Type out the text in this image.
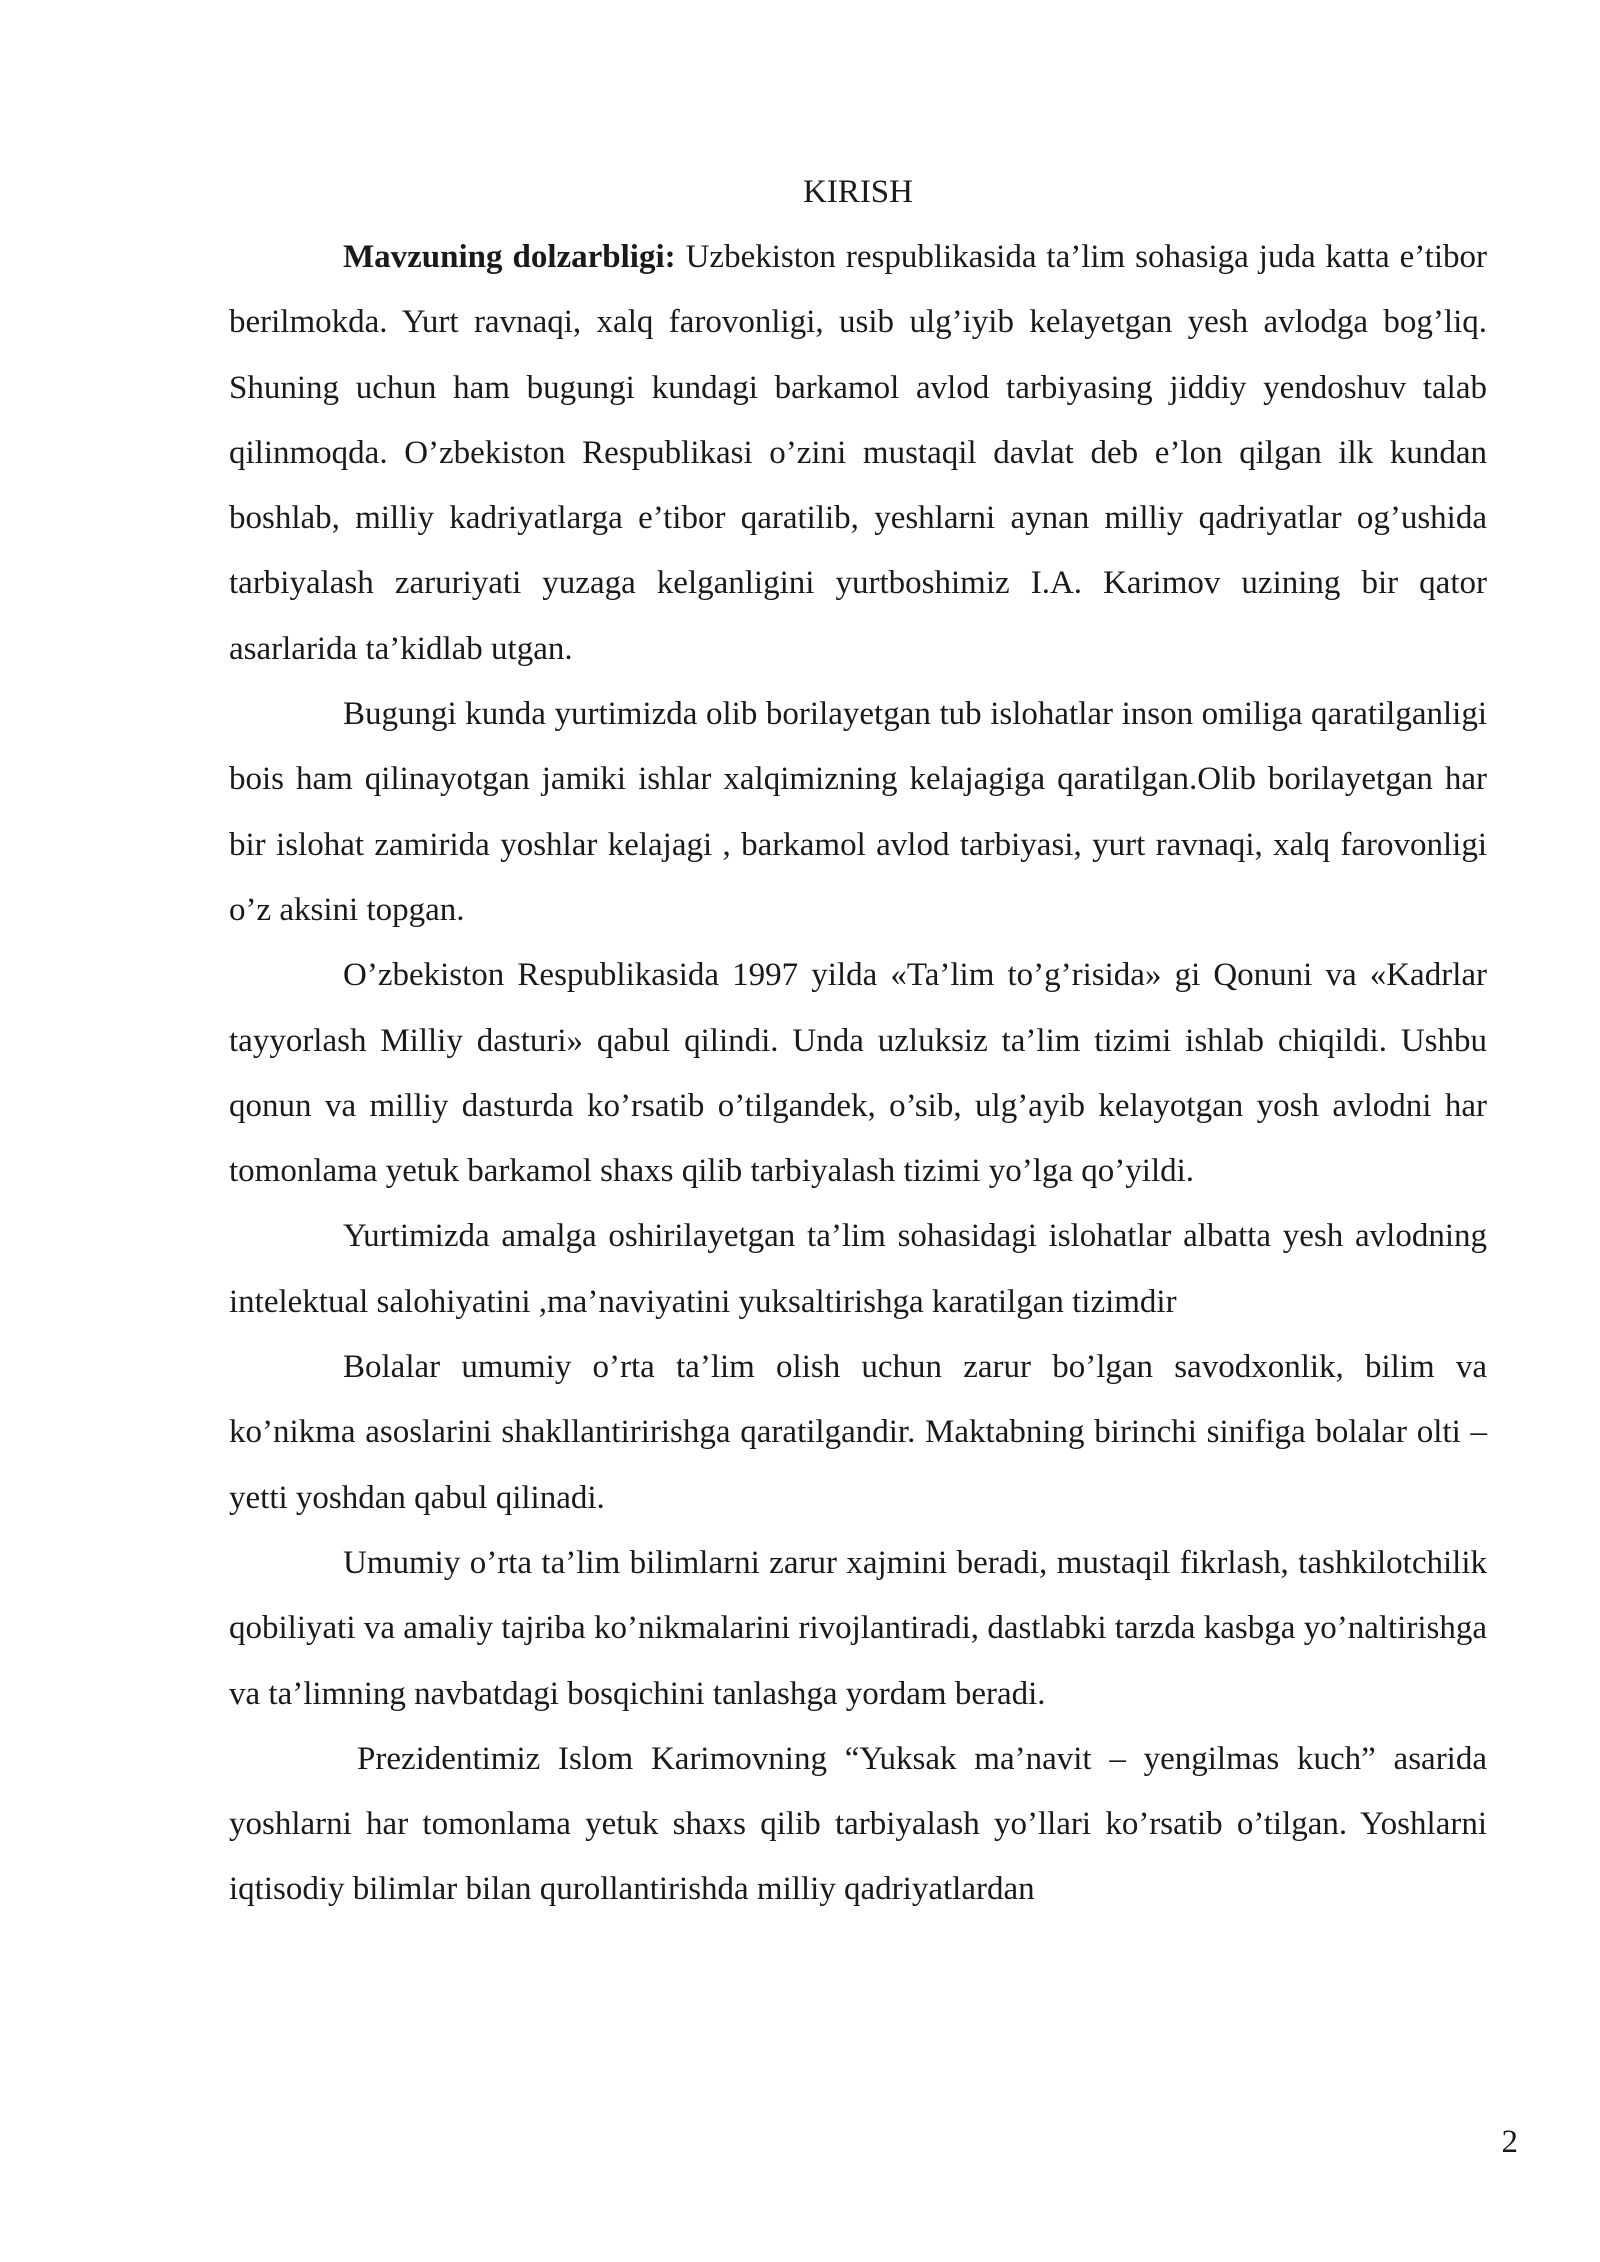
KIRISH

Mavzuning dolzarbligi: Uzbekiston respublikasida ta’lim sohasiga juda katta e’tibor berilmokda. Yurt ravnaqi, xalq farovonligi, usib ulg’iyib kelayetgan yesh avlodga bog’liq. Shuning uchun ham bugungi kundagi barkamol avlod tarbiyasing jiddiy yendoshuv talab qilinmoqda. O’zbekiston Respublikasi o’zini mustaqil davlat deb e’lon qilgan ilk kundan boshlab, milliy kadriyatlarga e’tibor qaratilib, yeshlarni aynan milliy qadriyatlar og’ushida tarbiyalash zaruriyati yuzaga kelganligini yurtboshimiz I.A. Karimov uzining bir qator asarlarida ta’kidlab utgan.

Bugungi kunda yurtimizda olib borilayetgan tub islohatlar inson omiliga qaratilganligi bois ham qilinayotgan jamiki ishlar xalqimizning kelajagiga qaratilgan.Olib borilayetgan har bir islohat zamirida yoshlar kelajagi , barkamol avlod tarbiyasi, yurt ravnaqi, xalq farovonligi o’z aksini topgan.

O’zbekiston Respublikasida 1997 yilda «Ta’lim to’g’risida» gi Qonuni va «Kadrlar tayyorlash Milliy dasturi» qabul qilindi. Unda uzluksiz ta’lim tizimi ishlab chiqildi. Ushbu qonun va milliy dasturda ko’rsatib o’tilgandek, o’sib, ulg’ayib kelayotgan yosh avlodni har tomonlama yetuk barkamol shaxs qilib tarbiyalash tizimi yo’lga qo’yildi.

Yurtimizda amalga oshirilayetgan ta’lim sohasidagi islohatlar albatta yesh avlodning intelektual salohiyatini ,ma’naviyatini yuksaltirishga karatilgan tizimdir

Bolalar umumiy o’rta ta’lim olish uchun zarur bo’lgan savodxonlik, bilim va ko’nikma asoslarini shakllantiririshga qaratilgandir. Maktabning birinchi sinifiga bolalar olti – yetti yoshdan qabul qilinadi.

Umumiy o’rta ta’lim bilimlarni zarur xajmini beradi, mustaqil fikrlash, tashkilotchilik qobiliyati va amaliy tajriba ko’nikmalarini rivojlantiradi, dastlabki tarzda kasbga yo’naltirishga va ta’limning navbatdagi bosqichini tanlashga yordam beradi.

Prezidentimiz Islom Karimovning “Yuksak ma’navit – yengilmas kuch” asarida yoshlarni har tomonlama yetuk shaxs qilib tarbiyalash yo’llari ko’rsatib o’tilgan. Yoshlarni iqtisodiy bilimlar bilan qurollantirishda milliy qadriyatlardan

2
